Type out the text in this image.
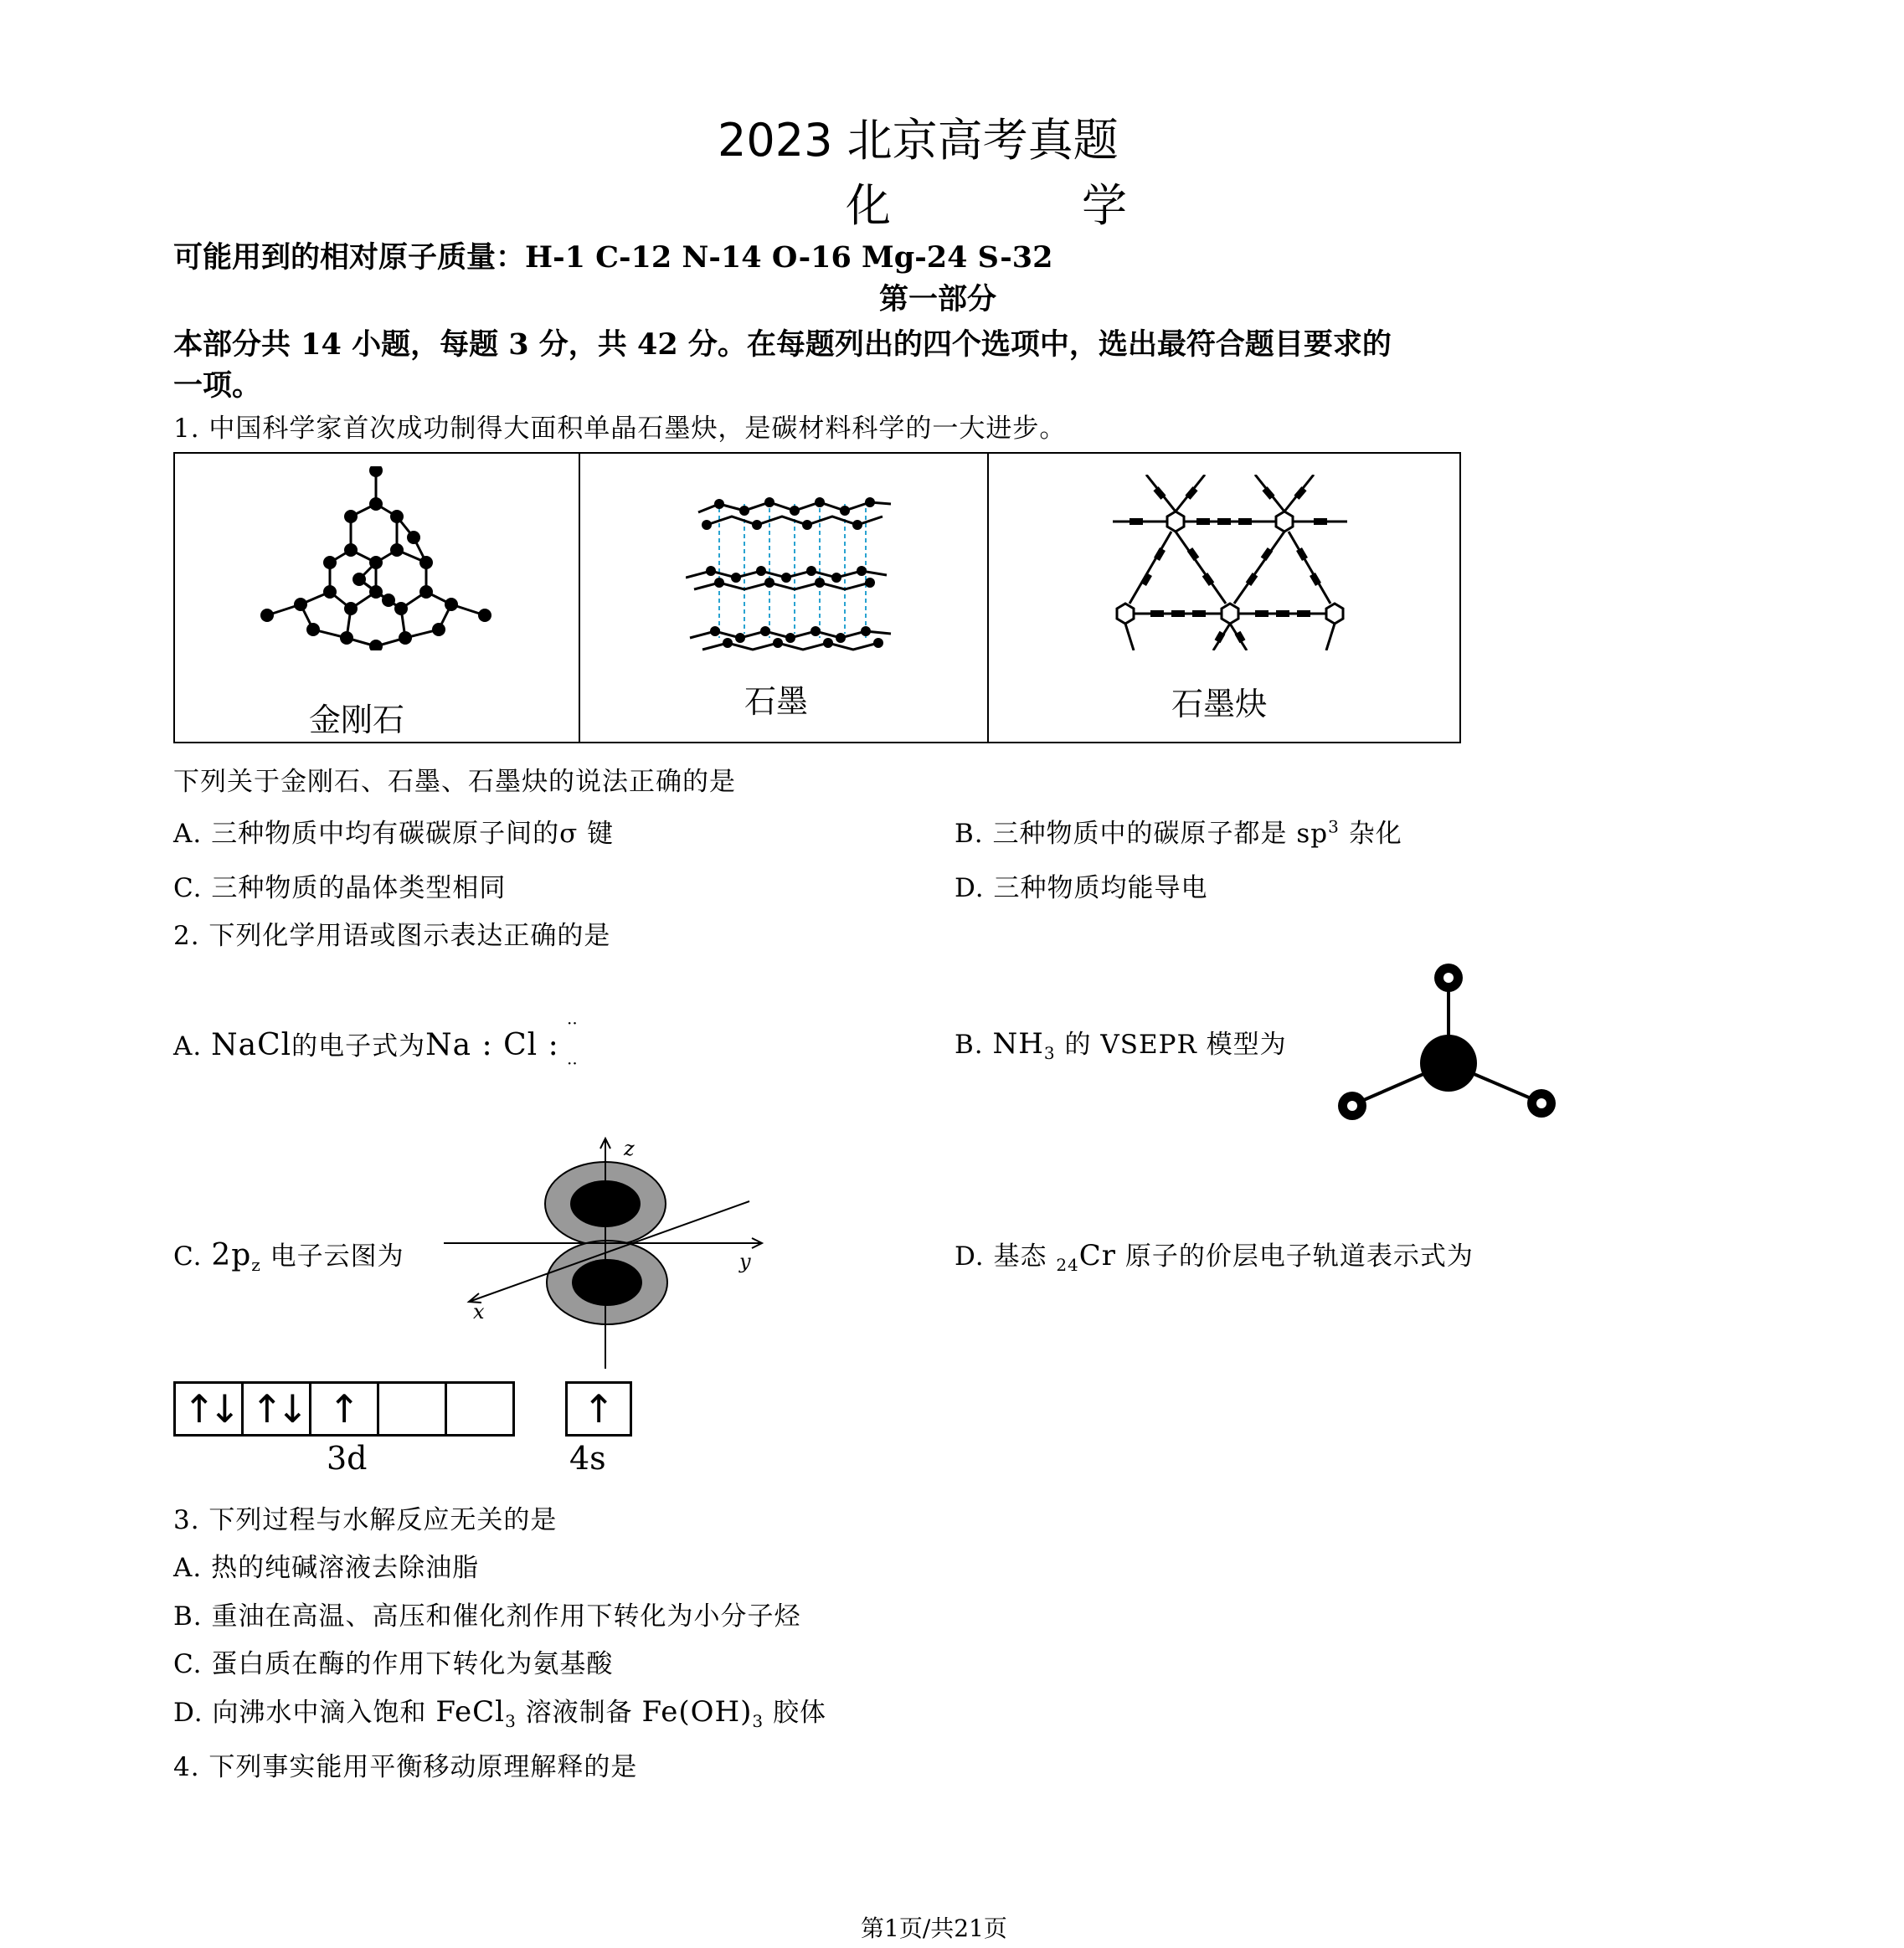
2023 北京高考真题
化　　学
可能用到的相对原子质量：H-1 C-12 N-14 O-16 Mg-24 S-32
第一部分
本部分共 14 小题，每题 3 分，共 42 分。在每题列出的四个选项中，选出最符合题目要求的
一项。
1. 中国科学家首次成功制得大面积单晶石墨炔，是碳材料科学的一大进步。
金刚石	石墨	石墨炔
下列关于金刚石、石墨、石墨炔的说法正确的是
A. 三种物质中均有碳碳原子间的σ 键	B. 三种物质中的碳原子都是 $sp^3$ 杂化
C. 三种物质的晶体类型相同	D. 三种物质均能导电
2. 下列化学用语或图示表达正确的是
A. NaCl的电子式为Na : Cl :
··
··
B. $NH_3$ 的 VSEPR 模型为
C. $2p_z$ 电子云图为
z
y
x
D. 基态 $_{24}$Cr 原子的价层电子轨道表示式为
↑↓ ↑↓ ↑	↑
3d	4s
3. 下列过程与水解反应无关的是
A. 热的纯碱溶液去除油脂
B. 重油在高温、高压和催化剂作用下转化为小分子烃
C. 蛋白质在酶的作用下转化为氨基酸
D. 向沸水中滴入饱和 FeCl$_3$ 溶液制备 $Fe(OH)_3$ 胶体
4. 下列事实能用平衡移动原理解释的是
第1页/共21页
